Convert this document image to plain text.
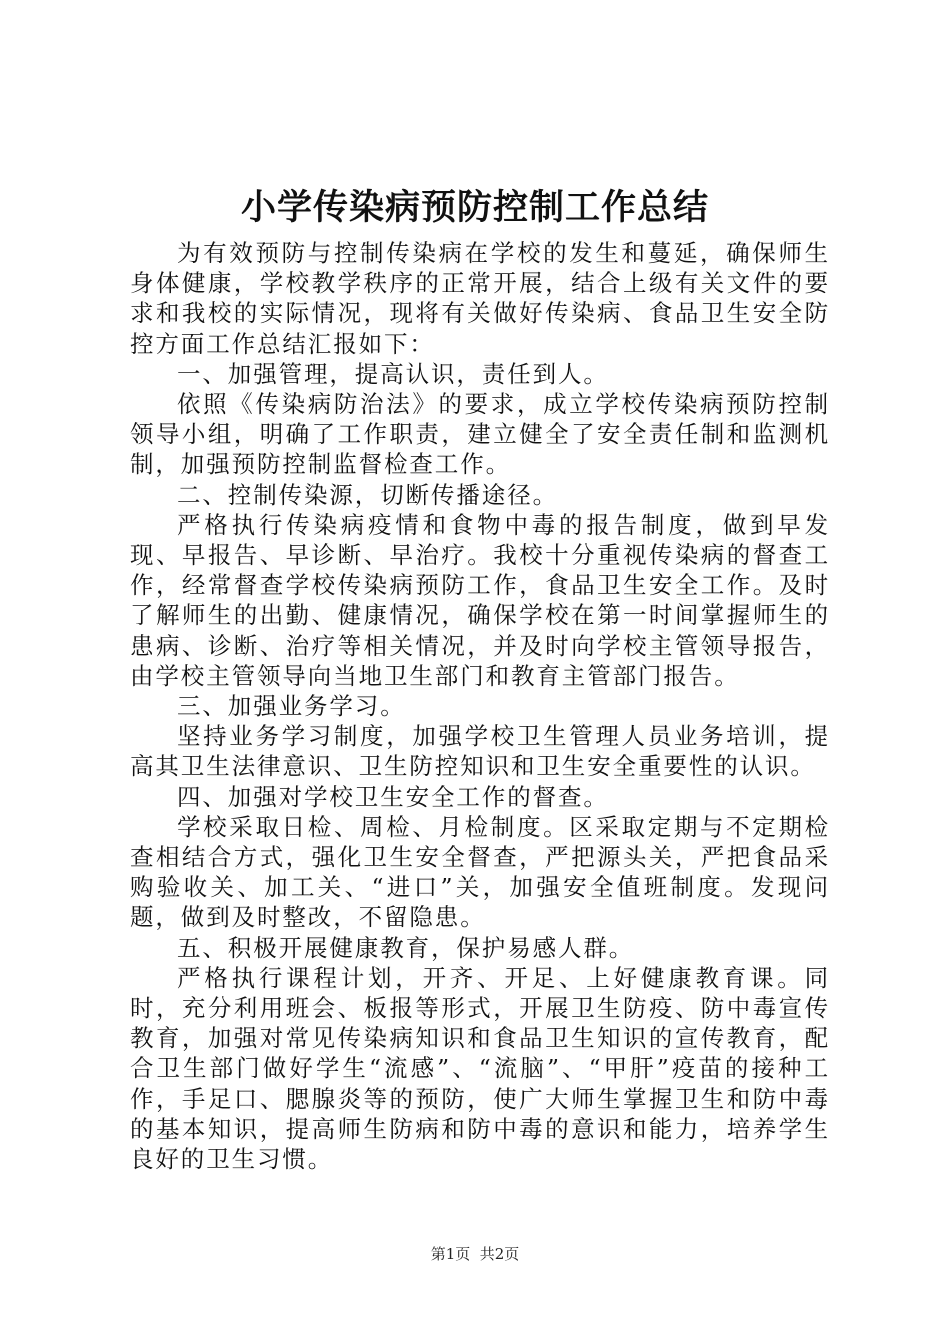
小学传染病预防控制工作总结

为有效预防与控制传染病在学校的发生和蔓延，确保师生身体健康，学校教学秩序的正常开展，结合上级有关文件的要求和我校的实际情况，现将有关做好传染病、食品卫生安全防控方面工作总结汇报如下：

一、加强管理，提高认识，责任到人。

依照《传染病防治法》的要求，成立学校传染病预防控制领导小组，明确了工作职责，建立健全了安全责任制和监测机制，加强预防控制监督检查工作。

二、控制传染源，切断传播途径。

严格执行传染病疫情和食物中毒的报告制度，做到早发现、早报告、早诊断、早治疗。我校十分重视传染病的督查工作，经常督查学校传染病预防工作，食品卫生安全工作。及时了解师生的出勤、健康情况，确保学校在第一时间掌握师生的患病、诊断、治疗等相关情况，并及时向学校主管领导报告，由学校主管领导向当地卫生部门和教育主管部门报告。

三、加强业务学习。

坚持业务学习制度，加强学校卫生管理人员业务培训，提高其卫生法律意识、卫生防控知识和卫生安全重要性的认识。

四、加强对学校卫生安全工作的督查。

学校采取日检、周检、月检制度。区采取定期与不定期检查相结合方式，强化卫生安全督查，严把源头关，严把食品采购验收关、加工关、“进口”关，加强安全值班制度。发现问题，做到及时整改，不留隐患。

五、积极开展健康教育，保护易感人群。

严格执行课程计划，开齐、开足、上好健康教育课。同时，充分利用班会、板报等形式，开展卫生防疫、防中毒宣传教育，加强对常见传染病知识和食品卫生知识的宣传教育，配合卫生部门做好学生“流感”、“流脑”、“甲肝”疫苗的接种工作，手足口、腮腺炎等的预防，使广大师生掌握卫生和防中毒的基本知识，提高师生防病和防中毒的意识和能力，培养学生良好的卫生习惯。

第1页  共2页
